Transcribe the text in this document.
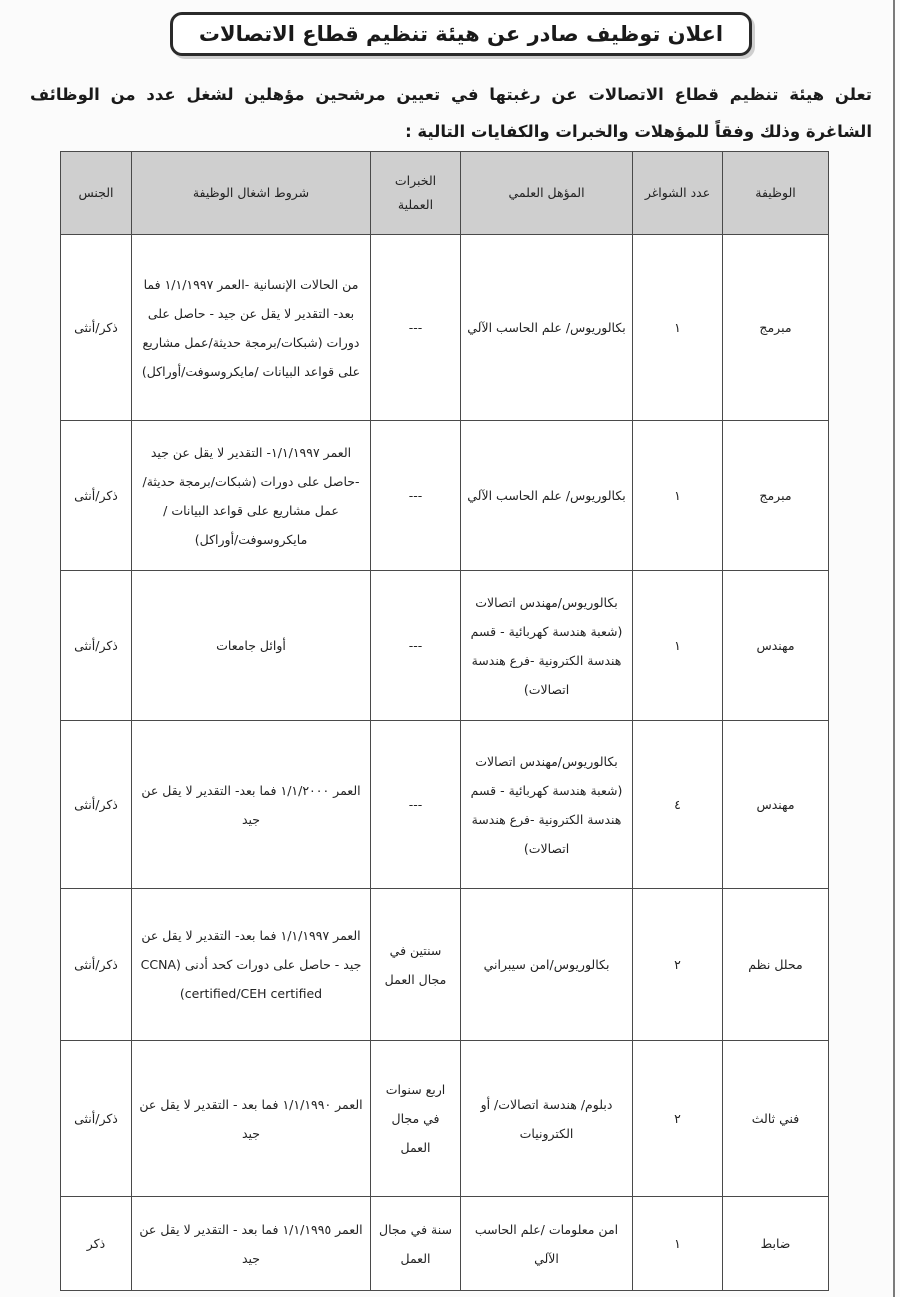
اعلان توظيف صادر عن هيئة تنظيم قطاع الاتصالات
تعلن هيئة تنظيم قطاع الاتصالات عن رغبتها في تعيين مرشحين مؤهلين لشغل عدد من الوظائف الشاغرة وذلك وفقاً للمؤهلات والخبرات والكفايات التالية :
الوظيفة	عدد الشواغر	المؤهل العلمي	الخبرات العملية	شروط اشغال الوظيفة	الجنس
مبرمج	١	بكالوريوس/ علم الحاسب الآلي	---	من الحالات الإنسانية -العمر ١/١/١٩٩٧ فما بعد- التقدير لا يقل عن جيد - حاصل على دورات (شبكات/برمجة حديثة/عمل مشاريع على قواعد البيانات /مايكروسوفت/أوراكل)	ذكر/أنثى
مبرمج	١	بكالوريوس/ علم الحاسب الآلي	---	العمر ١/١/١٩٩٧- التقدير لا يقل عن جيد -حاصل على دورات (شبكات/برمجة حديثة/عمل مشاريع على قواعد البيانات /مايكروسوفت/أوراكل)	ذكر/أنثى
مهندس	١	بكالوريوس/مهندس اتصالات (شعبة هندسة كهربائية - قسم هندسة الكترونية -فرع هندسة اتصالات)	---	أوائل جامعات	ذكر/أنثى
مهندس	٤	بكالوريوس/مهندس اتصالات (شعبة هندسة كهربائية - قسم هندسة الكترونية -فرع هندسة اتصالات)	---	العمر ١/١/٢٠٠٠ فما بعد- التقدير لا يقل عن جيد	ذكر/أنثى
محلل نظم	٢	بكالوريوس/امن سيبراني	سنتين في مجال العمل	العمر ١/١/١٩٩٧ فما بعد- التقدير لا يقل عن جيد - حاصل على دورات كحد أدنى (CCNA certified/CEH certified)	ذكر/أنثى
فني ثالث	٢	دبلوم/ هندسة اتصالات/ أو الكترونيات	اربع سنوات في مجال العمل	العمر ١/١/١٩٩٠ فما بعد - التقدير لا يقل عن جيد	ذكر/أنثى
ضابط	١	امن معلومات /علم الحاسب الآلي	سنة في مجال العمل	العمر ١/١/١٩٩٥ فما بعد - التقدير لا يقل عن جيد	ذكر
